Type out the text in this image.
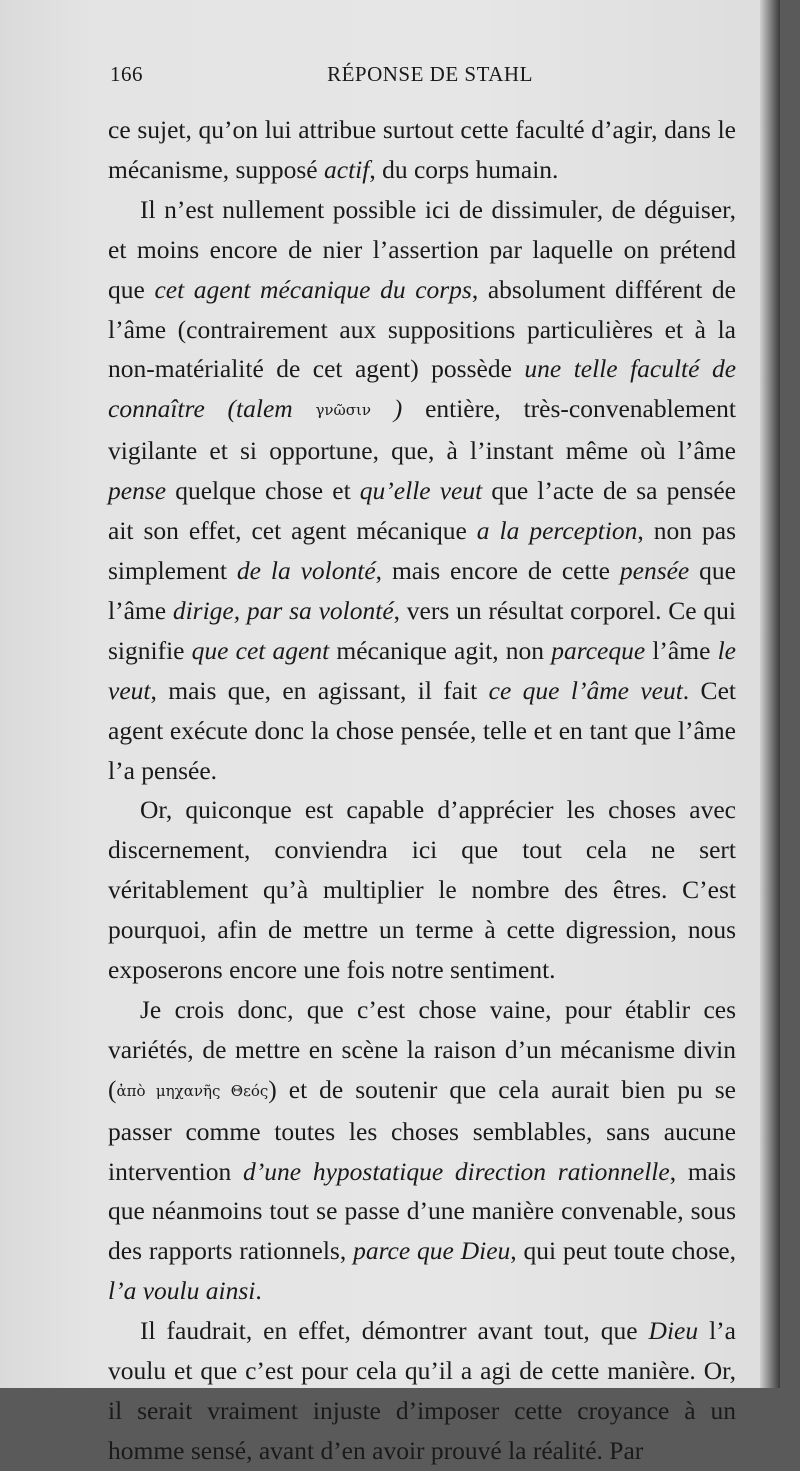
166	RÉPONSE DE STAHL

ce sujet, qu’on lui attribue surtout cette faculté d’agir, dans le mécanisme, supposé actif, du corps humain.

Il n’est nullement possible ici de dissimuler, de déguiser, et moins encore de nier l’assertion par laquelle on prétend que cet agent mécanique du corps, absolument différent de l’âme (contrairement aux suppositions particulières et à la non-matérialité de cet agent) possède une telle faculté de connaître (talem γνῶσιν ) entière, très-convenablement vigilante et si opportune, que, à l’instant même où l’âme pense quelque chose et qu’elle veut que l’acte de sa pensée ait son effet, cet agent mécanique a la perception, non pas simplement de la volonté, mais encore de cette pensée que l’âme dirige, par sa volonté, vers un résultat corporel. Ce qui signifie que cet agent mécanique agit, non parceque l’âme le veut, mais que, en agissant, il fait ce que l’âme veut. Cet agent exécute donc la chose pensée, telle et en tant que l’âme l’a pensée.

Or, quiconque est capable d’apprécier les choses avec discernement, conviendra ici que tout cela ne sert véritablement qu’à multiplier le nombre des êtres. C’est pourquoi, afin de mettre un terme à cette digression, nous exposerons encore une fois notre sentiment.

Je crois donc, que c’est chose vaine, pour établir ces variétés, de mettre en scène la raison d’un mécanisme divin (ἀπὸ μηχανῆς Θεός) et de soutenir que cela aurait bien pu se passer comme toutes les choses semblables, sans aucune intervention d’une hypostatique direction rationnelle, mais que néanmoins tout se passe d’une manière convenable, sous des rapports rationnels, parce que Dieu, qui peut toute chose, l’a voulu ainsi.

Il faudrait, en effet, démontrer avant tout, que Dieu l’a voulu et que c’est pour cela qu’il a agi de cette manière. Or, il serait vraiment injuste d’imposer cette croyance à un homme sensé, avant d’en avoir prouvé la réalité. Par
